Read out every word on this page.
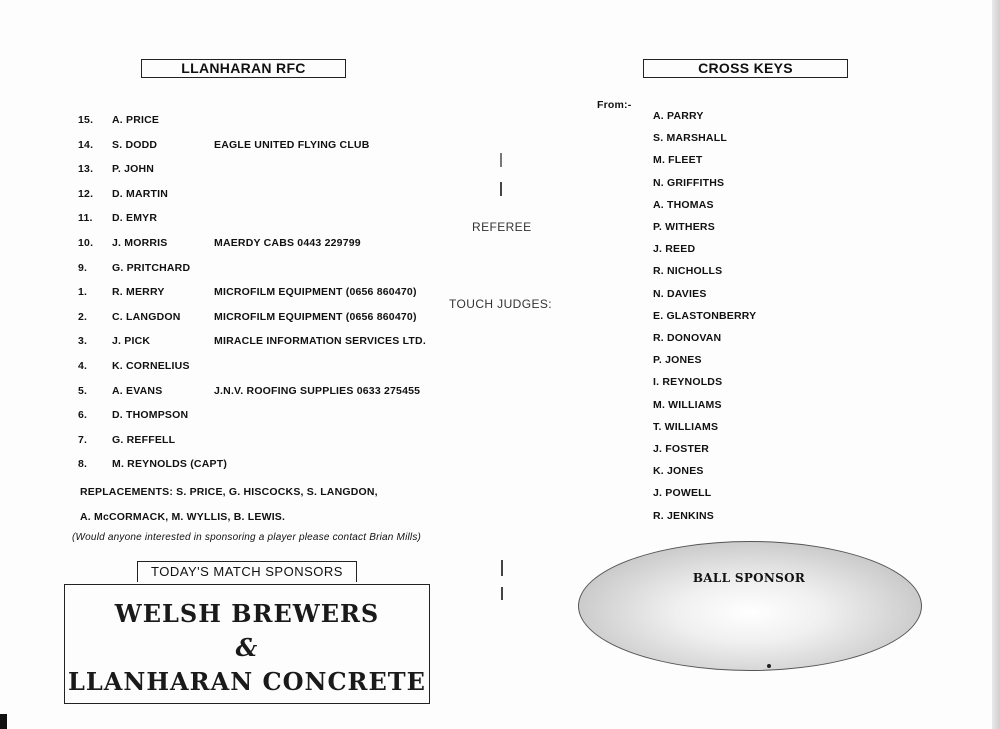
LLANHARAN RFC
15. A. PRICE
14. S. DODD	EAGLE UNITED FLYING CLUB
13. P. JOHN
12. D. MARTIN
11. D. EMYR
10. J. MORRIS	MAERDY CABS 0443 229799
9. G. PRITCHARD
1. R. MERRY	MICROFILM EQUIPMENT (0656 860470)
2. C. LANGDON	MICROFILM EQUIPMENT (0656 860470)
3. J. PICK	MIRACLE INFORMATION SERVICES LTD.
4. K. CORNELIUS
5. A. EVANS	J.N.V. ROOFING SUPPLIES 0633 275455
6. D. THOMPSON
7. G. REFFELL
8. M. REYNOLDS (CAPT)
REPLACEMENTS: S. PRICE, G. HISCOCKS, S. LANGDON,
A. McCORMACK, M. WYLLIS, B. LEWIS.
(Would anyone interested in sponsoring a player please contact Brian Mills)
TODAY'S MATCH SPONSORS
WELSH BREWERS
&
LLANHARAN CONCRETE
REFEREE
TOUCH JUDGES:
CROSS KEYS
From:-
A. PARRY
S. MARSHALL
M. FLEET
N. GRIFFITHS
A. THOMAS
P. WITHERS
J. REED
R. NICHOLLS
N. DAVIES
E. GLASTONBERRY
R. DONOVAN
P. JONES
I. REYNOLDS
M. WILLIAMS
T. WILLIAMS
J. FOSTER
K. JONES
J. POWELL
R. JENKINS
BALL SPONSOR
